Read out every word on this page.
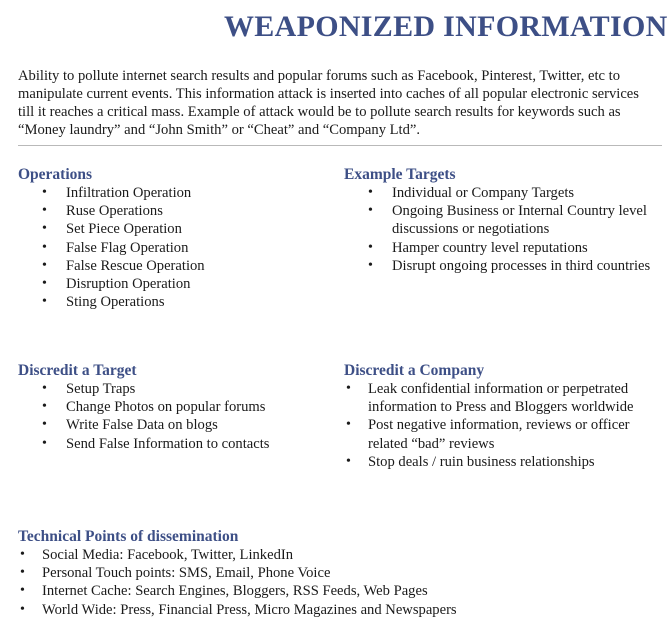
WEAPONIZED INFORMATION

Ability to pollute internet search results and popular forums such as Facebook, Pinterest, Twitter, etc to manipulate current events. This information attack is inserted into caches of all popular electronic services till it reaches a critical mass. Example of attack would be to pollute search results for keywords such as “Money laundry” and “John Smith” or “Cheat” and “Company Ltd”.

Operations
• Infiltration Operation
• Ruse Operations
• Set Piece Operation
• False Flag Operation
• False Rescue Operation
• Disruption Operation
• Sting Operations
Example Targets
• Individual or Company Targets
• Ongoing Business or Internal Country level discussions or negotiations
• Hamper country level reputations
• Disrupt ongoing processes in third countries
Discredit a Target
• Setup Traps
• Change Photos on popular forums
• Write False Data on blogs
• Send False Information to contacts
Discredit a Company
• Leak confidential information or perpetrated information to Press and Bloggers worldwide
• Post negative information, reviews or officer related “bad” reviews
• Stop deals / ruin business relationships
Technical Points of dissemination
• Social Media: Facebook, Twitter, LinkedIn
• Personal Touch points: SMS, Email, Phone Voice
• Internet Cache: Search Engines, Bloggers, RSS Feeds, Web Pages
• World Wide: Press, Financial Press, Micro Magazines and Newspapers
